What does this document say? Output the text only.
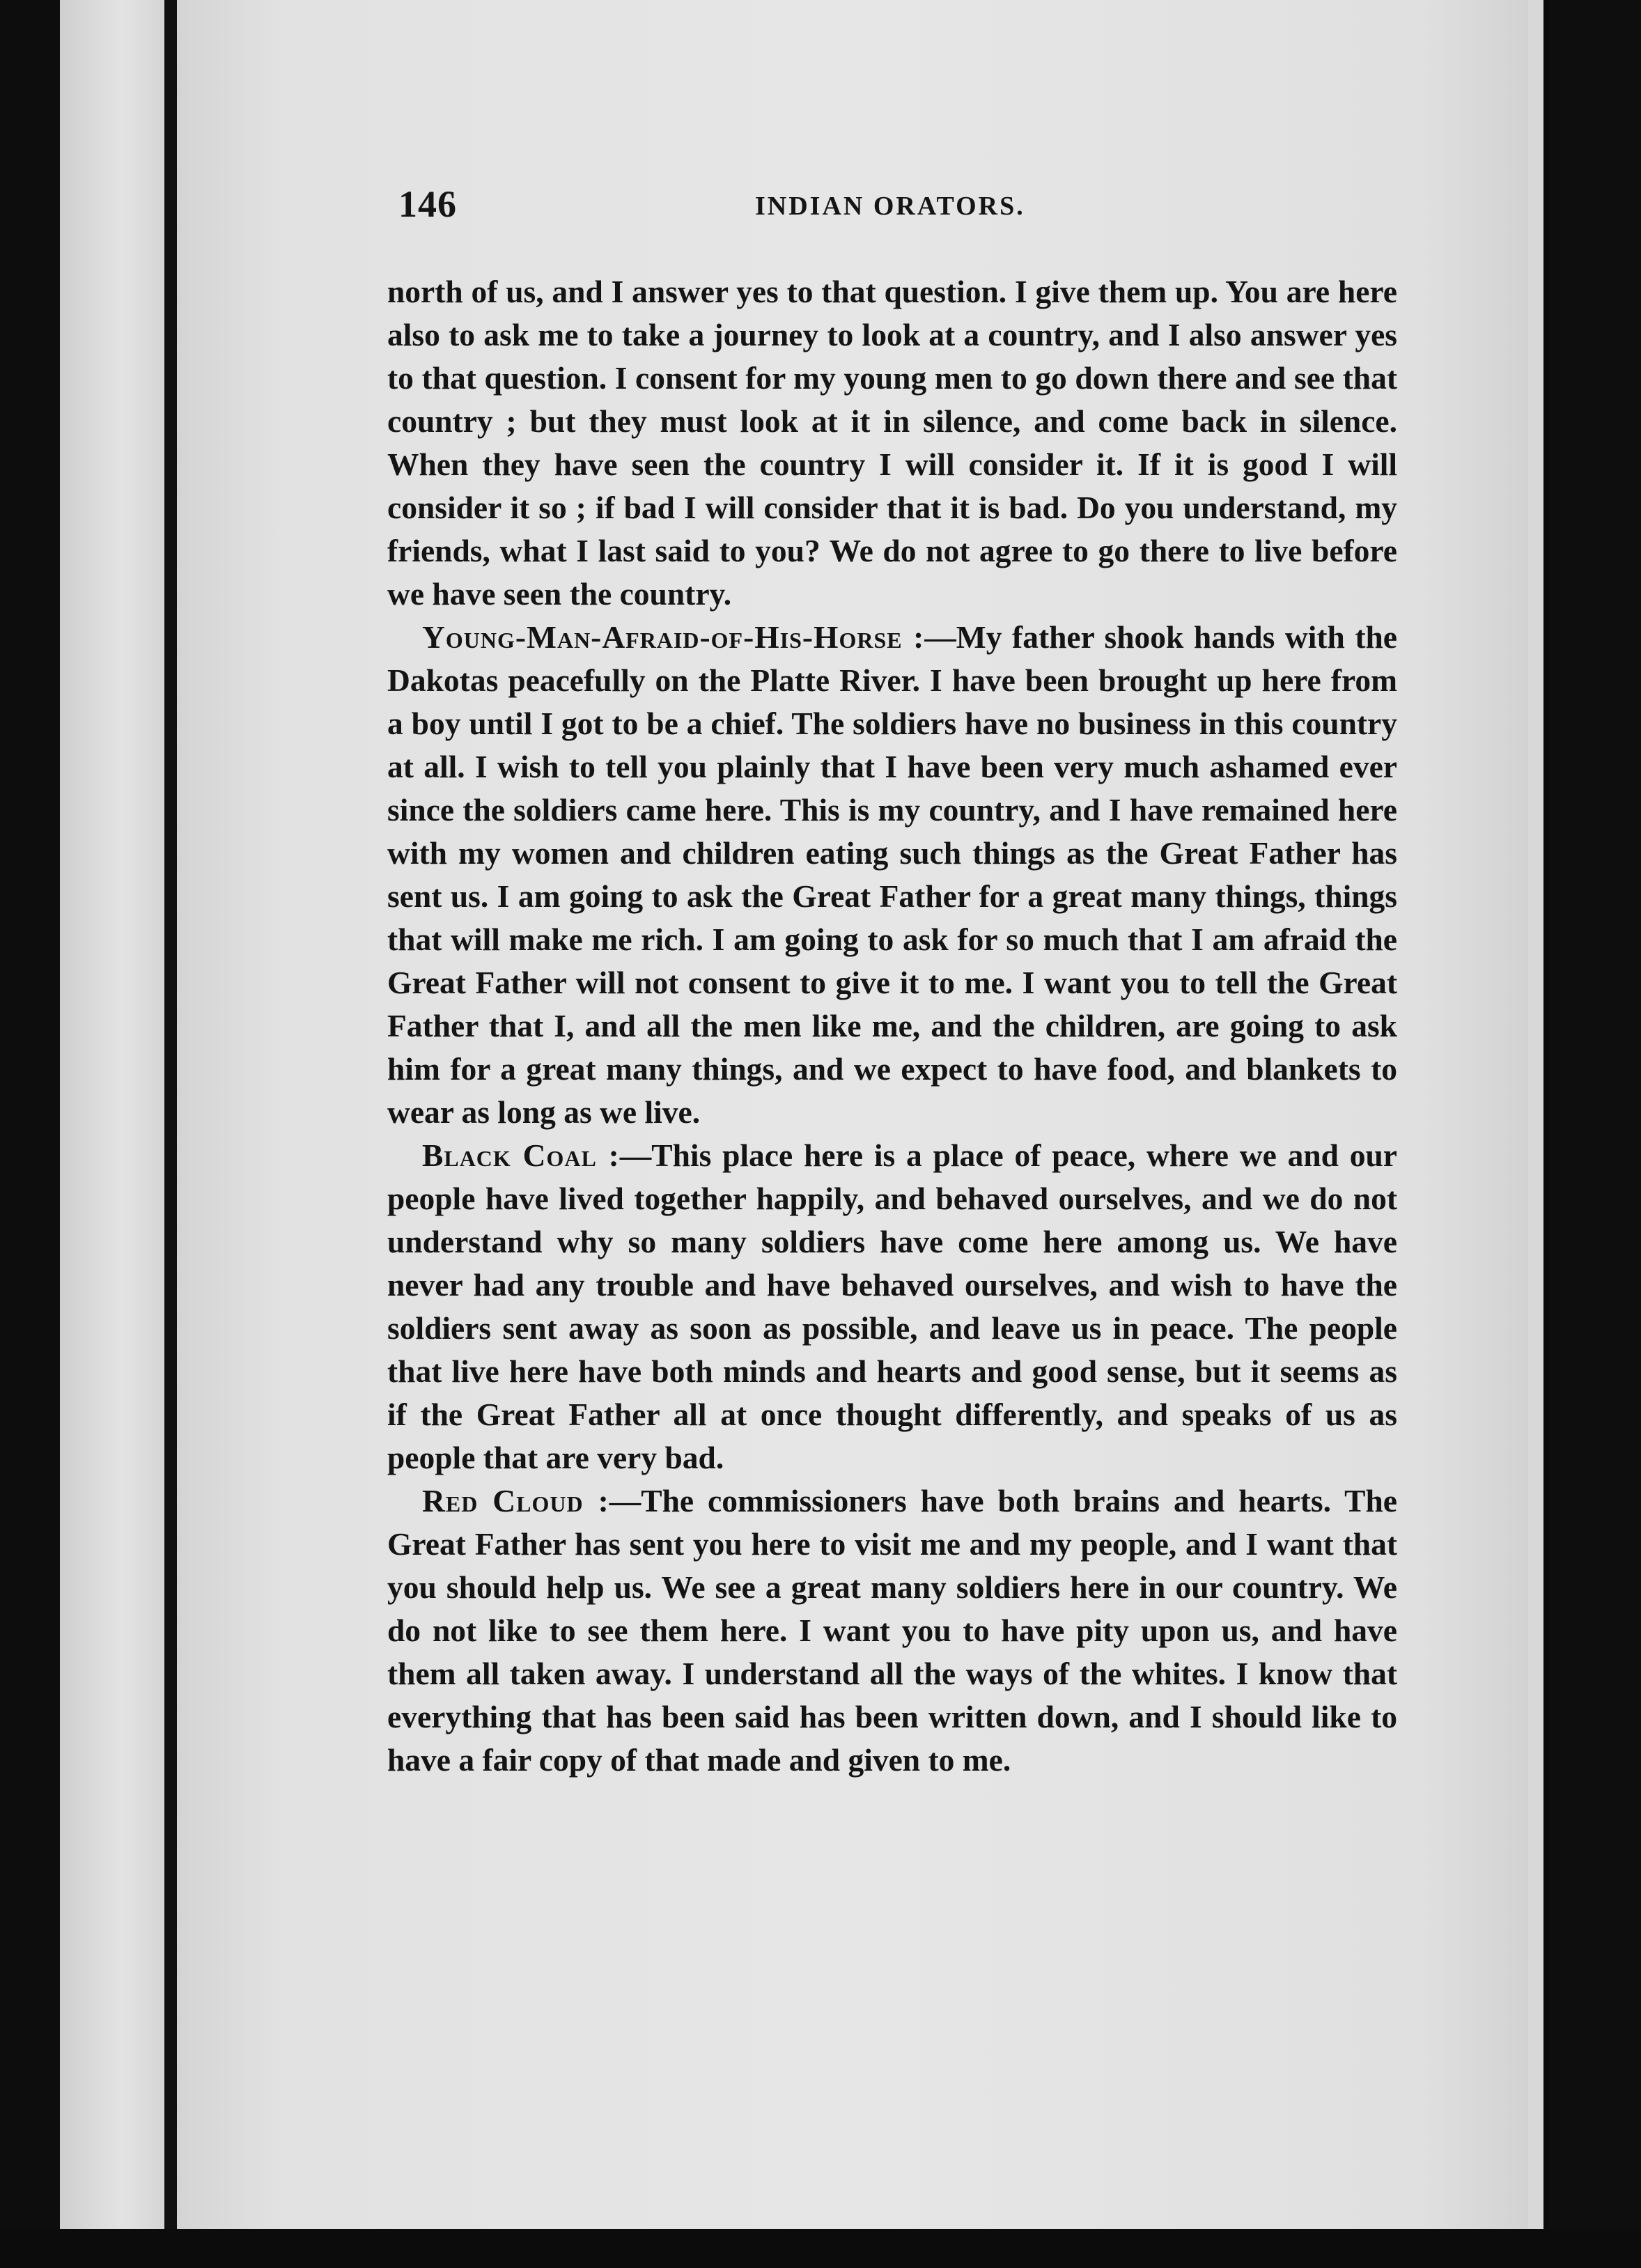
146	INDIAN ORATORS.

north of us, and I answer yes to that question. I give them up. You are here also to ask me to take a journey to look at a country, and I also answer yes to that question. I consent for my young men to go down there and see that country ; but they must look at it in silence, and come back in silence. When they have seen the country I will consider it. If it is good I will consider it so ; if bad I will consider that it is bad. Do you understand, my friends, what I last said to you? We do not agree to go there to live before we have seen the country.

Young-Man-Afraid-of-His-Horse :—My father shook hands with the Dakotas peacefully on the Platte River. I have been brought up here from a boy until I got to be a chief. The soldiers have no business in this country at all. I wish to tell you plainly that I have been very much ashamed ever since the soldiers came here. This is my country, and I have remained here with my women and children eating such things as the Great Father has sent us. I am going to ask the Great Father for a great many things, things that will make me rich. I am going to ask for so much that I am afraid the Great Father will not consent to give it to me. I want you to tell the Great Father that I, and all the men like me, and the children, are going to ask him for a great many things, and we expect to have food, and blankets to wear as long as we live.

Black Coal :—This place here is a place of peace, where we and our people have lived together happily, and behaved ourselves, and we do not understand why so many soldiers have come here among us. We have never had any trouble and have behaved ourselves, and wish to have the soldiers sent away as soon as possible, and leave us in peace. The people that live here have both minds and hearts and good sense, but it seems as if the Great Father all at once thought differently, and speaks of us as people that are very bad.

Red Cloud :—The commissioners have both brains and hearts. The Great Father has sent you here to visit me and my people, and I want that you should help us. We see a great many soldiers here in our country. We do not like to see them here. I want you to have pity upon us, and have them all taken away. I understand all the ways of the whites. I know that everything that has been said has been written down, and I should like to have a fair copy of that made and given to me.
